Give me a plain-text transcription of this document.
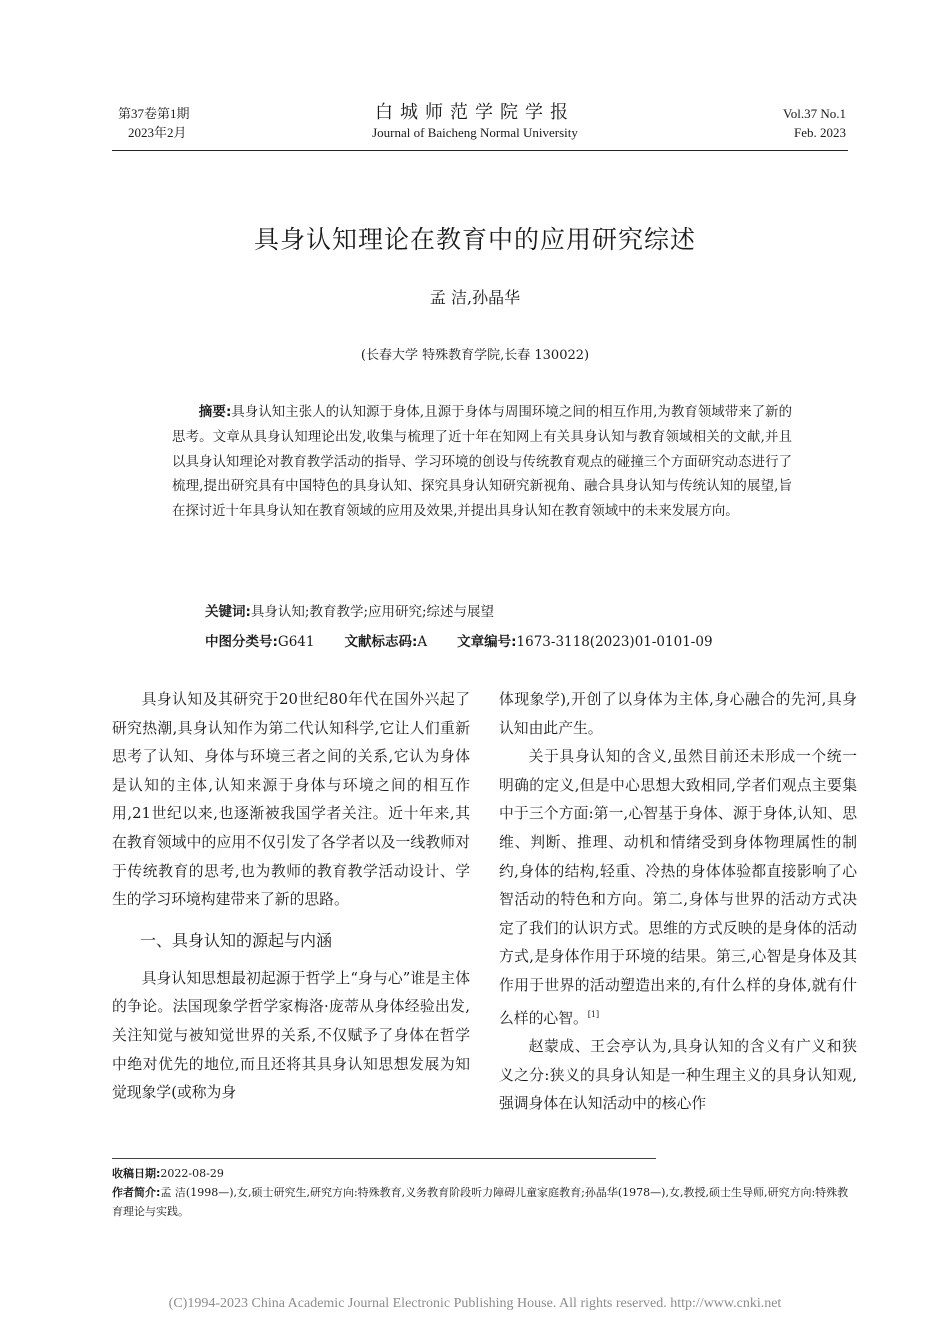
第37卷第1期
2023年2月
白城师范学院学报
Journal of Baicheng Normal University
Vol.37 No.1
Feb. 2023
具身认知理论在教育中的应用研究综述
孟 洁,孙晶华
(长春大学 特殊教育学院,长春 130022)

摘要:具身认知主张人的认知源于身体,且源于身体与周围环境之间的相互作用,为教育领域带来了新的思考。文章从具身认知理论出发,收集与梳理了近十年在知网上有关具身认知与教育领域相关的文献,并且以具身认知理论对教育教学活动的指导、学习环境的创设与传统教育观点的碰撞三个方面研究动态进行了梳理,提出研究具有中国特色的具身认知、探究具身认知研究新视角、融合具身认知与传统认知的展望,旨在探讨近十年具身认知在教育领域的应用及效果,并提出具身认知在教育领域中的未来发展方向。

关键词:具身认知;教育教学;应用研究;综述与展望
中图分类号:G641 文献标志码:A 文章编号:1673-3118(2023)01-0101-09

具身认知及其研究于20世纪80年代在国外兴起了研究热潮,具身认知作为第二代认知科学,它让人们重新思考了认知、身体与环境三者之间的关系,它认为身体是认知的主体,认知来源于身体与环境之间的相互作用,21世纪以来,也逐渐被我国学者关注。近十年来,其在教育领域中的应用不仅引发了各学者以及一线教师对于传统教育的思考,也为教师的教育教学活动设计、学生的学习环境构建带来了新的思路。

一、具身认知的源起与内涵

具身认知思想最初起源于哲学上“身与心”谁是主体的争论。法国现象学哲学家梅洛·庞蒂从身体经验出发,关注知觉与被知觉世界的关系,不仅赋予了身体在哲学中绝对优先的地位,而且还将其具身认知思想发展为知觉现象学(或称为身

体现象学),开创了以身体为主体,身心融合的先河,具身认知由此产生。

关于具身认知的含义,虽然目前还未形成一个统一明确的定义,但是中心思想大致相同,学者们观点主要集中于三个方面:第一,心智基于身体、源于身体,认知、思维、判断、推理、动机和情绪受到身体物理属性的制约,身体的结构,轻重、冷热的身体体验都直接影响了心智活动的特色和方向。第二,身体与世界的活动方式决定了我们的认识方式。思维的方式反映的是身体的活动方式,是身体作用于环境的结果。第三,心智是身体及其作用于世界的活动塑造出来的,有什么样的身体,就有什么样的心智。[1]

赵蒙成、王会亭认为,具身认知的含义有广义和狭义之分:狭义的具身认知是一种生理主义的具身认知观,强调身体在认知活动中的核心作

收稿日期:2022-08-29

作者简介:孟 洁(1998—),女,硕士研究生,研究方向:特殊教育,义务教育阶段听力障碍儿童家庭教育;孙晶华(1978—),女,教授,硕士生导师,研究方向:特殊教育理论与实践。

(C)1994-2023 China Academic Journal Electronic Publishing House. All rights reserved. http://www.cnki.net
